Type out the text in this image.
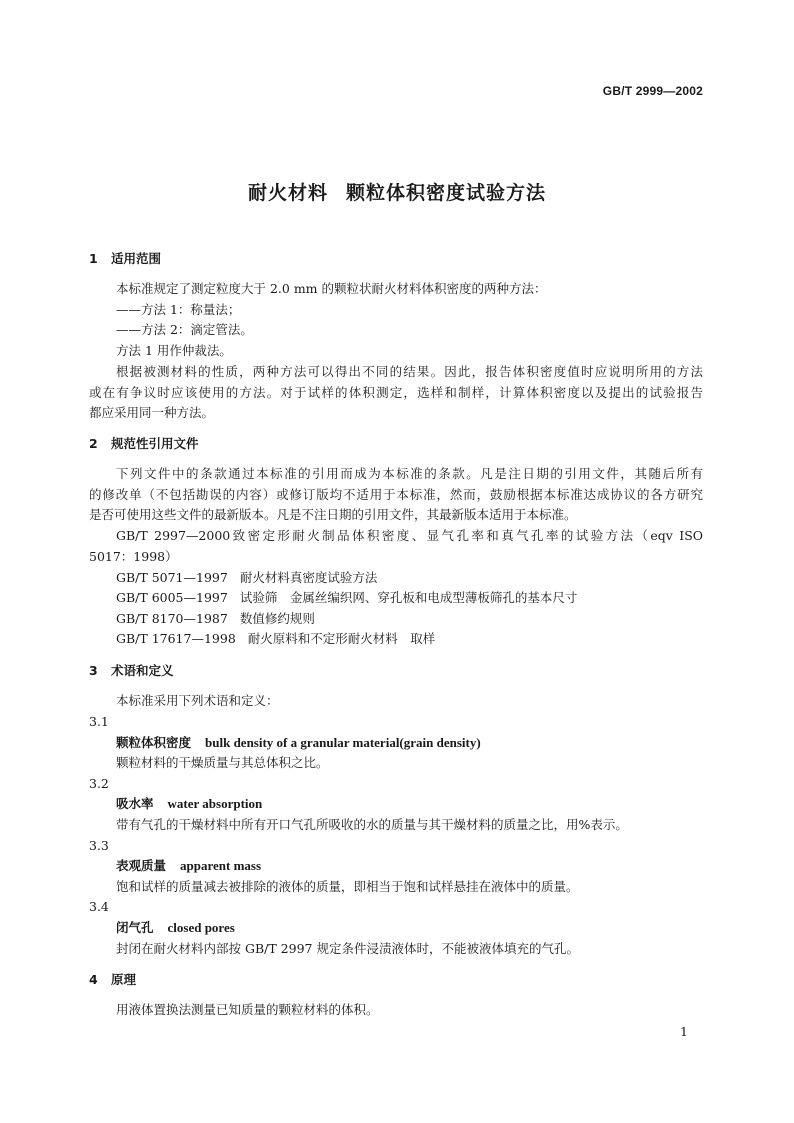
GB/T 2999—2002
耐火材料 颗粒体积密度试验方法
1 适用范围
本标准规定了测定粒度大于 2.0 mm 的颗粒状耐火材料体积密度的两种方法：
——方法 1：称量法；
——方法 2：滴定管法。
方法 1 用作仲裁法。
根据被测材料的性质，两种方法可以得出不同的结果。因此，报告体积密度值时应说明所用的方法
或在有争议时应该使用的方法。对于试样的体积测定，选样和制样，计算体积密度以及提出的试验报告
都应采用同一种方法。
2 规范性引用文件
下列文件中的条款通过本标准的引用而成为本标准的条款。凡是注日期的引用文件，其随后所有
的修改单（不包括勘误的内容）或修订版均不适用于本标准，然而，鼓励根据本标准达成协议的各方研究
是否可使用这些文件的最新版本。凡是不注日期的引用文件，其最新版本适用于本标准。
GB/T 2997—2000致密定形耐火制品体积密度、显气孔率和真气孔率的试验方法（eqv ISO
5017：1998）
GB/T 5071—1997 耐火材料真密度试验方法
GB/T 6005—1997 试验筛　金属丝编织网、穿孔板和电成型薄板筛孔的基本尺寸
GB/T 8170—1987 数值修约规则
GB/T 17617—1998 耐火原料和不定形耐火材料　取样
3 术语和定义
本标准采用下列术语和定义：
3.1
颗粒体积密度 bulk density of a granular material(grain density)
颗粒材料的干燥质量与其总体积之比。
3.2
吸水率 water absorption
带有气孔的干燥材料中所有开口气孔所吸收的水的质量与其干燥材料的质量之比，用%表示。
3.3
表观质量 apparent mass
饱和试样的质量减去被排除的液体的质量，即相当于饱和试样悬挂在液体中的质量。
3.4
闭气孔 closed pores
封闭在耐火材料内部按 GB/T 2997 规定条件浸渍液体时，不能被液体填充的气孔。
4 原理
用液体置换法测量已知质量的颗粒材料的体积。
1
